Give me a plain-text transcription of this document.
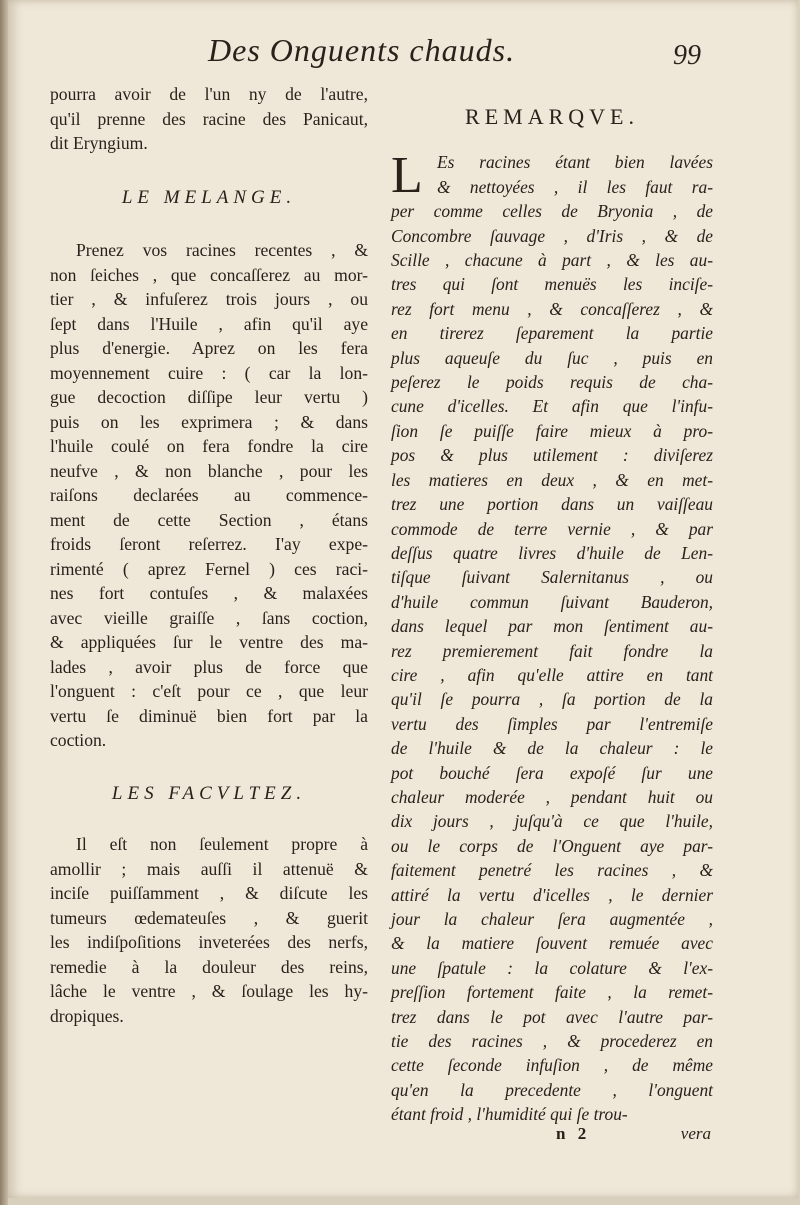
Des Onguents chauds.	99
pourra avoir de l'un ny de l'autre,
qu'il prenne des racine des Panicaut,
dit Eryngium.
LE MELANGE.
Prenez vos racines recentes , &
non ſeiches , que concaſſerez au mor-
tier , & infuſerez trois jours , ou
ſept dans l'Huile , afin qu'il aye
plus d'energie. Aprez on les fera
moyennement cuire : ( car la lon-
gue decoction diſſipe leur vertu )
puis on les exprimera ; & dans
l'huile coulé on fera fondre la cire
neufve , & non blanche , pour les
raiſons declarées au commence-
ment de cette Section , étans
froids ſeront reſerrez. I'ay expe-
rimenté ( aprez Fernel ) ces raci-
nes fort contuſes , & malaxées
avec vieille graiſſe , ſans coction,
& appliquées ſur le ventre des ma-
lades , avoir plus de force que
l'onguent : c'eſt pour ce , que leur
vertu ſe diminuë bien fort par la
coction.
LES FACVLTEZ.
Il eſt non ſeulement propre à
amollir ; mais auſſi il attenuë &
inciſe puiſſamment , & diſcute les
tumeurs œdemateuſes , & guerit
les indiſpoſitions inveterées des nerfs,
remedie à la douleur des reins,
lâche le ventre , & ſoulage les hy-
dropiques.
REMARQVE.
L Es racines étant bien lavées
& nettoyées , il les faut ra-
per comme celles de Bryonia , de
Concombre ſauvage , d'Iris , & de
Scille , chacune à part , & les au-
tres qui ſont menuës les inciſe-
rez fort menu , & concaſſerez , &
en tirerez ſeparement la partie
plus aqueuſe du ſuc , puis en
peſerez le poids requis de cha-
cune d'icelles. Et afin que l'infu-
ſion ſe puiſſe faire mieux à pro-
pos & plus utilement : diviſerez
les matieres en deux , & en met-
trez une portion dans un vaiſſeau
commode de terre vernie , & par
deſſus quatre livres d'huile de Len-
tiſque ſuivant Salernitanus , ou
d'huile commun ſuivant Bauderon,
dans lequel par mon ſentiment au-
rez premierement fait fondre la
cire , afin qu'elle attire en tant
qu'il ſe pourra , ſa portion de la
vertu des ſimples par l'entremiſe
de l'huile & de la chaleur : le
pot bouché ſera expoſé ſur une
chaleur moderée , pendant huit ou
dix jours , juſqu'à ce que l'huile,
ou le corps de l'Onguent aye par-
faitement penetré les racines , &
attiré la vertu d'icelles , le dernier
jour la chaleur ſera augmentée ,
& la matiere ſouvent remuée avec
une ſpatule : la colature & l'ex-
preſſion fortement faite , la remet-
trez dans le pot avec l'autre par-
tie des racines , & procederez en
cette ſeconde infuſion , de même
qu'en la precedente , l'onguent
étant froid , l'humidité qui ſe trou-
n 2	vera
